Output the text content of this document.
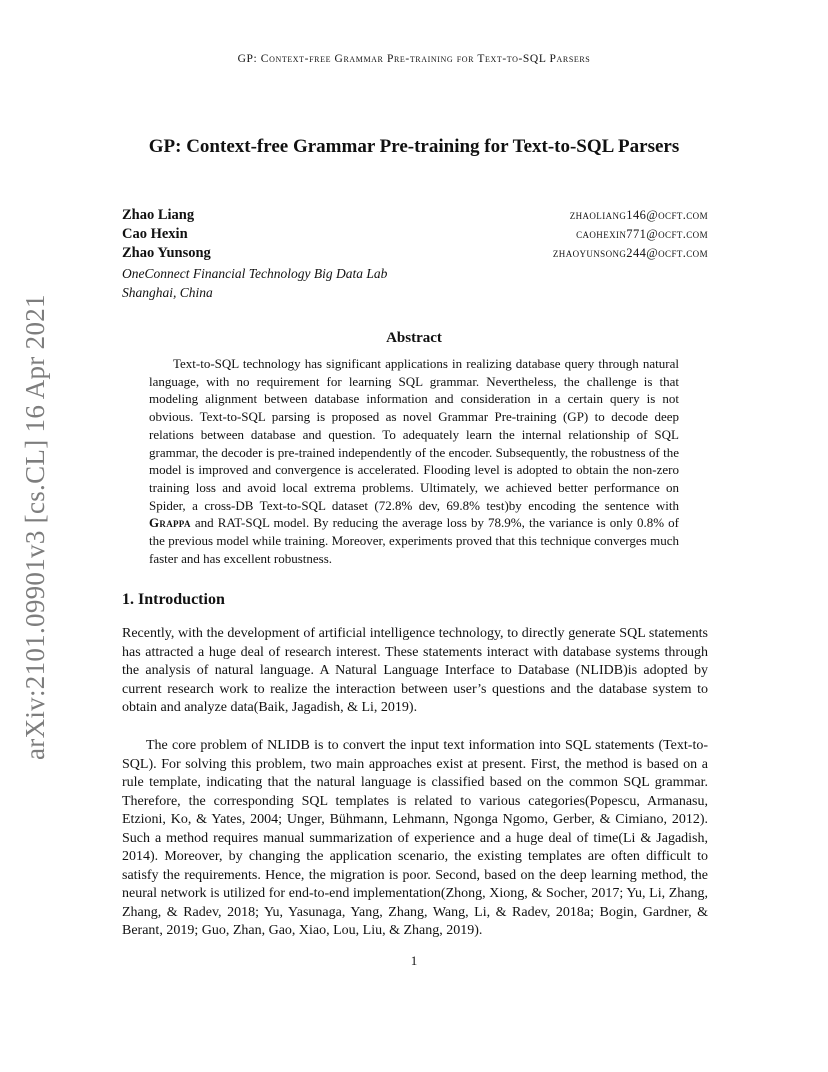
GP: Context-free Grammar Pre-training for Text-to-SQL Parsers
arXiv:2101.09901v3 [cs.CL] 16 Apr 2021
GP: Context-free Grammar Pre-training for Text-to-SQL Parsers
Zhao Liang	zhaoliang146@ocft.com
Cao Hexin	caohexin771@ocft.com
Zhao Yunsong	zhaoyunsong244@ocft.com
OneConnect Financial Technology Big Data Lab
Shanghai, China
Abstract

Text-to-SQL technology has significant applications in realizing database query through natural language, with no requirement for learning SQL grammar. Nevertheless, the challenge is that modeling alignment between database information and consideration in a certain query is not obvious. Text-to-SQL parsing is proposed as novel Grammar Pre-training (GP) to decode deep relations between database and question. To adequately learn the internal relationship of SQL grammar, the decoder is pre-trained independently of the encoder. Subsequently, the robustness of the model is improved and convergence is accelerated. Flooding level is adopted to obtain the non-zero training loss and avoid local extrema problems. Ultimately, we achieved better performance on Spider, a cross-DB Text-to-SQL dataset (72.8% dev, 69.8% test)by encoding the sentence with Grappa and RAT-SQL model. By reducing the average loss by 78.9%, the variance is only 0.8% of the previous model while training. Moreover, experiments proved that this technique converges much faster and has excellent robustness.

1. Introduction

Recently, with the development of artificial intelligence technology, to directly generate SQL statements has attracted a huge deal of research interest. These statements interact with database systems through the analysis of natural language. A Natural Language Interface to Database (NLIDB)is adopted by current research work to realize the interaction between user’s questions and the database system to obtain and analyze data(Baik, Jagadish, & Li, 2019).

The core problem of NLIDB is to convert the input text information into SQL statements (Text-to-SQL). For solving this problem, two main approaches exist at present. First, the method is based on a rule template, indicating that the natural language is classified based on the common SQL grammar. Therefore, the corresponding SQL templates is related to various categories(Popescu, Armanasu, Etzioni, Ko, & Yates, 2004; Unger, Bühmann, Lehmann, Ngonga Ngomo, Gerber, & Cimiano, 2012). Such a method requires manual summarization of experience and a huge deal of time(Li & Jagadish, 2014). Moreover, by changing the application scenario, the existing templates are often difficult to satisfy the requirements. Hence, the migration is poor. Second, based on the deep learning method, the neural network is utilized for end-to-end implementation(Zhong, Xiong, & Socher, 2017; Yu, Li, Zhang, Zhang, & Radev, 2018; Yu, Yasunaga, Yang, Zhang, Wang, Li, & Radev, 2018a; Bogin, Gardner, & Berant, 2019; Guo, Zhan, Gao, Xiao, Lou, Liu, & Zhang, 2019).

1
